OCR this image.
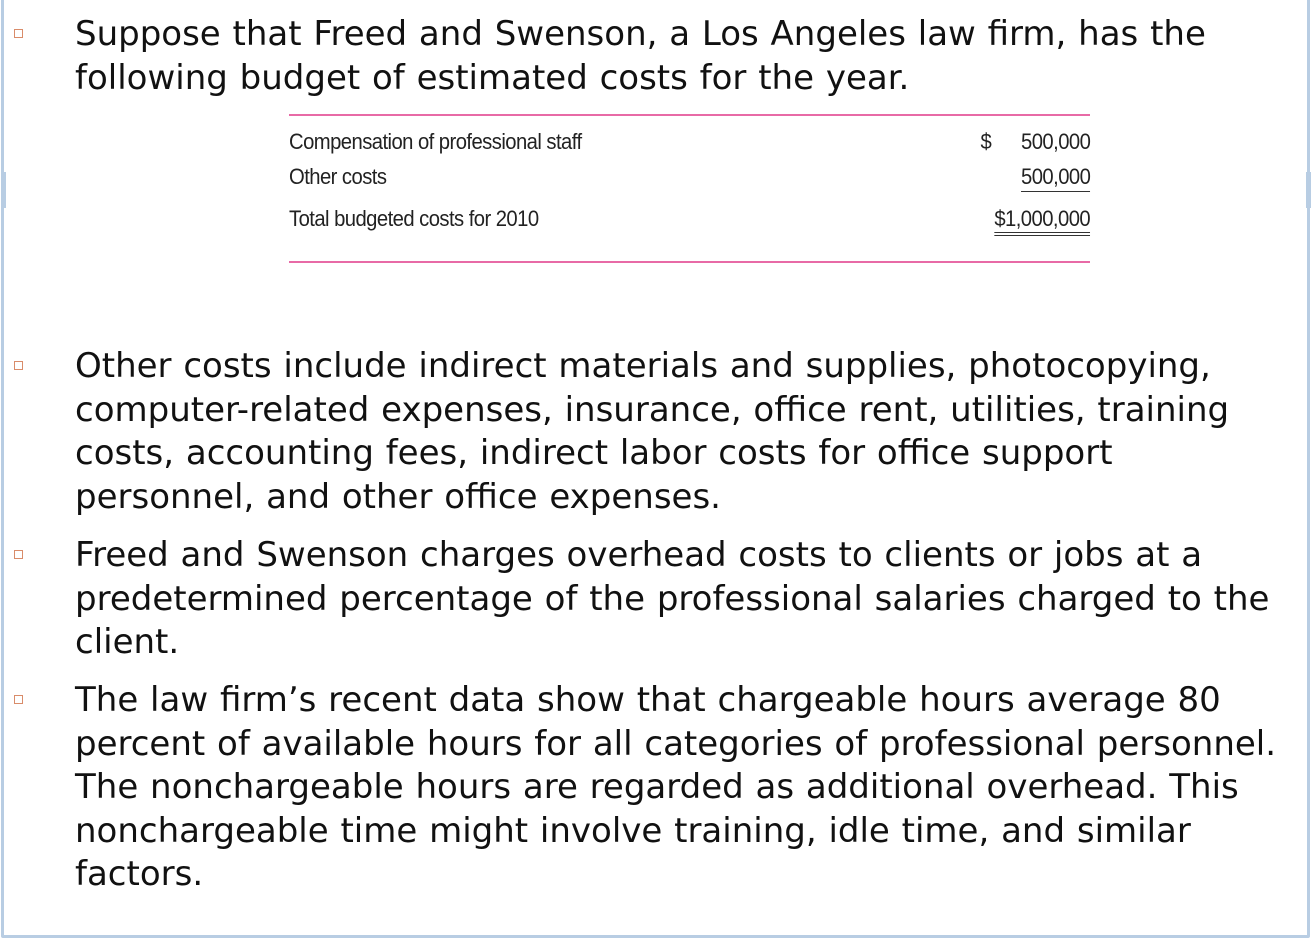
Suppose that Freed and Swenson, a Los Angeles law firm, has the following budget of estimated costs for the year.

Compensation of professional staff	$ 500,000
Other costs	500,000
Total budgeted costs for 2010	$1,000,000

Other costs include indirect materials and supplies, photocopying, computer-related expenses, insurance, office rent, utilities, training costs, accounting fees, indirect labor costs for office support personnel, and other office expenses.

Freed and Swenson charges overhead costs to clients or jobs at a predetermined percentage of the professional salaries charged to the client.

The law firm’s recent data show that chargeable hours average 80 percent of available hours for all categories of professional personnel. The nonchargeable hours are regarded as additional overhead. This nonchargeable time might involve training, idle time, and similar factors.
